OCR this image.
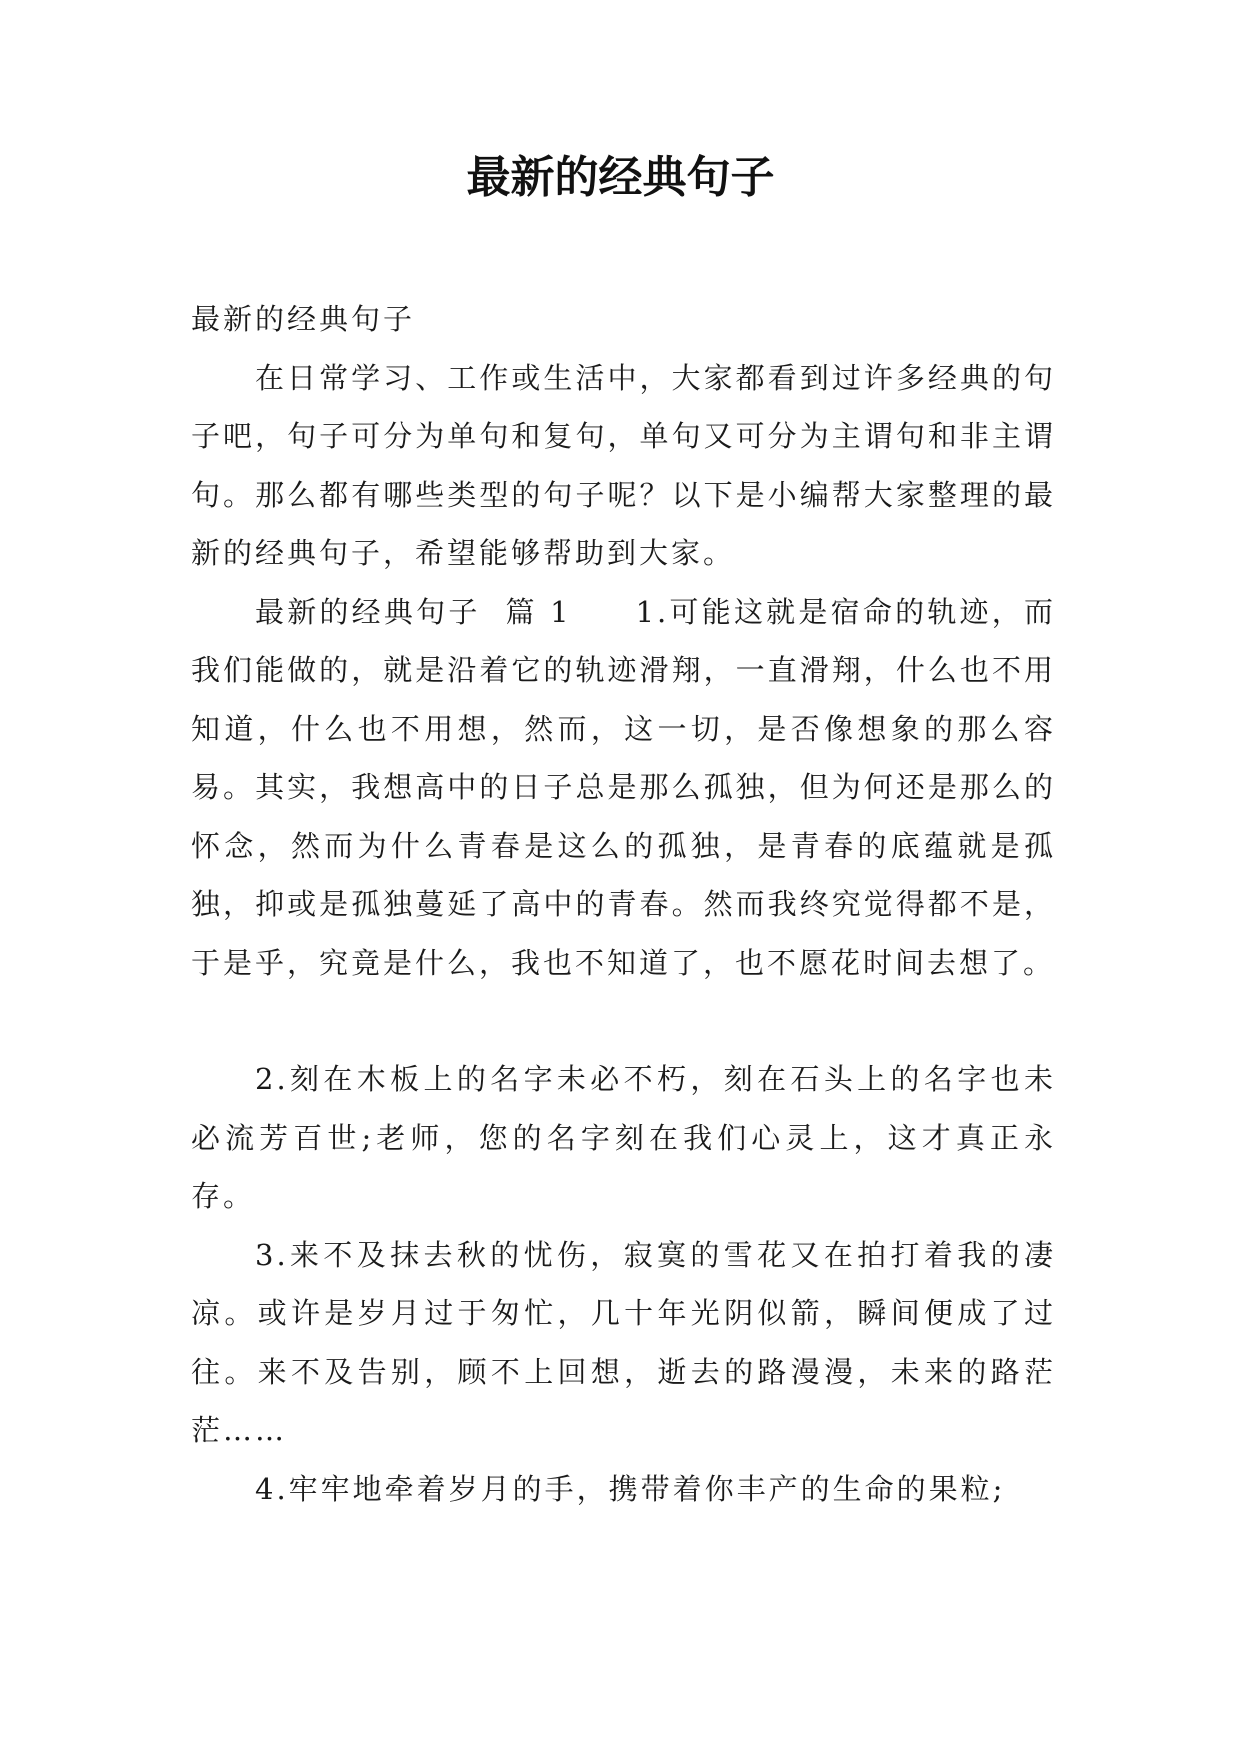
最新的经典句子

最新的经典句子

在日常学习、工作或生活中，大家都看到过许多经典的句子吧，句子可分为单句和复句，单句又可分为主谓句和非主谓句。那么都有哪些类型的句子呢？以下是小编帮大家整理的最新的经典句子，希望能够帮助到大家。

最新的经典句子  篇 1 1.可能这就是宿命的轨迹，而我们能做的，就是沿着它的轨迹滑翔，一直滑翔，什么也不用知道，什么也不用想，然而，这一切，是否像想象的那么容易。其实，我想高中的日子总是那么孤独，但为何还是那么的怀念，然而为什么青春是这么的孤独，是青春的底蕴就是孤独，抑或是孤独蔓延了高中的青春。然而我终究觉得都不是，于是乎，究竟是什么，我也不知道了，也不愿花时间去想了。

2.刻在木板上的名字未必不朽，刻在石头上的名字也未必流芳百世;老师，您的名字刻在我们心灵上，这才真正永存。

3.来不及抹去秋的忧伤，寂寞的雪花又在拍打着我的凄凉。或许是岁月过于匆忙，几十年光阴似箭，瞬间便成了过往。来不及告别，顾不上回想，逝去的路漫漫，未来的路茫茫……

4.牢牢地牵着岁月的手，携带着你丰产的生命的果粒;
